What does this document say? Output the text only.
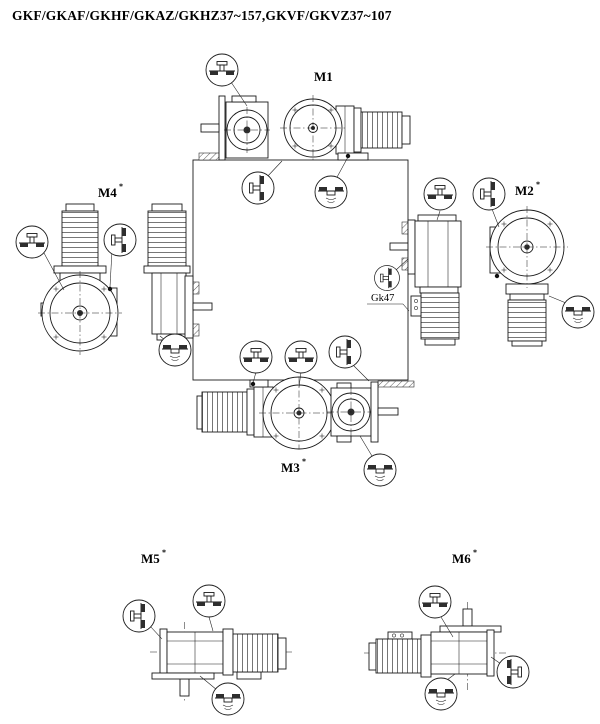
GKF/GKAF/GKHF/GKAZ/GKHZ37~157,GKVF/GKVZ37~107
M1
M4 *	M2 *
M3 *
M5 *	M6 *
Gk47
